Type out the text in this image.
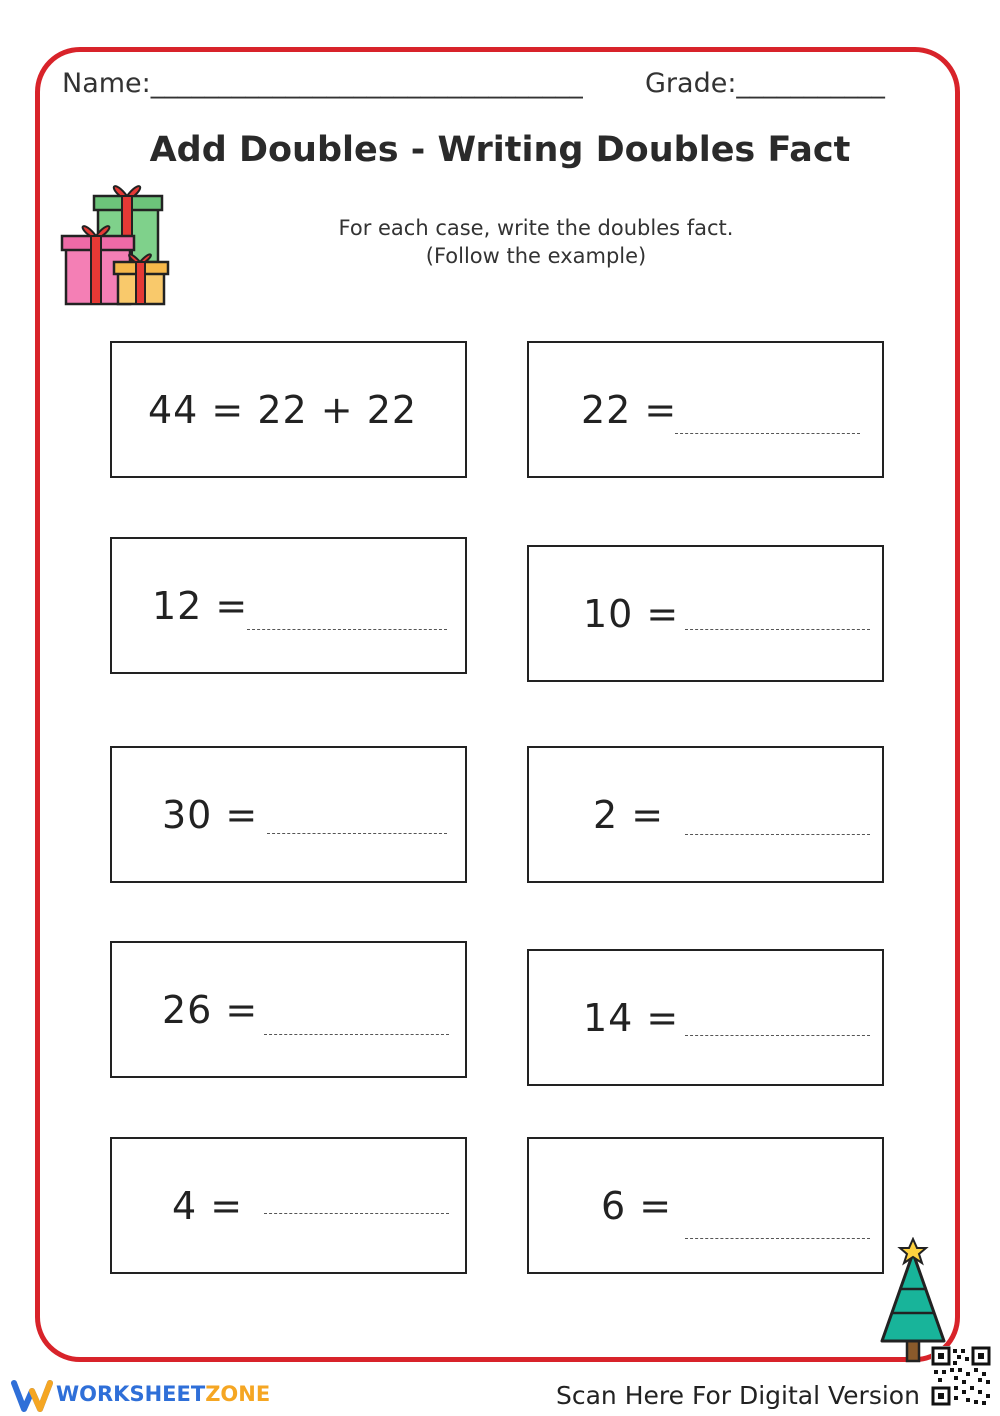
Name:________________________________ Grade:___________
Add Doubles - Writing Doubles Fact
For each case, write the doubles fact.
(Follow the example)
44 = 22 + 22	22 =
12 =	10 =
30 =	2 =
26 =	14 =
4 =	6 =
WORKSHEETZONE	Scan Here For Digital Version
